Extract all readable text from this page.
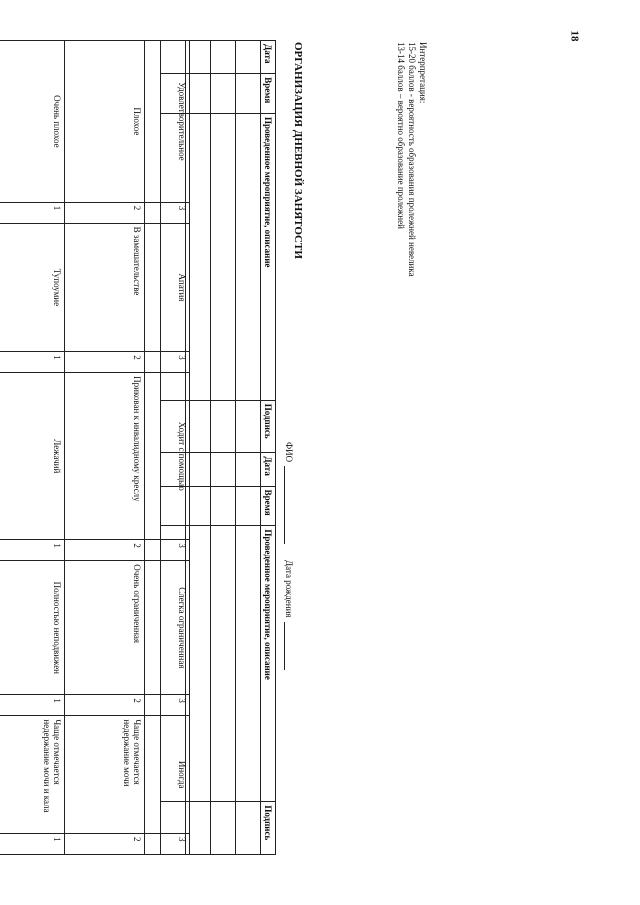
18
Интерпретация:
15-20 баллов - вероятность образования пролежней невелика
13-14 баллов – вероятно образование пролежней
ОРГАНИЗАЦИЯ ДНЕВНОЙ ЗАНЯТОСТИ
ФИО
Дата рождения
Дата	Время	Проведенное мероприятие, описание	Подпись	Дата	Время	Проведенное мероприятие, описание	Подпись

Удовлетворительное	3	Апатия	3	Ходит с помощью	3	Слегка ограниченная	3	Иногда	3
Плохое	2	В замешательстве	2	Прикован к инвалидному креслу	2	Очень ограниченная	2	Чаще отмечается недержание мочи	2
Очень плохое	1	Тупоумие	1	Лежачий	1	Полностью неподвижен	1	Чаще отмечается недержание мочи и кала	1
